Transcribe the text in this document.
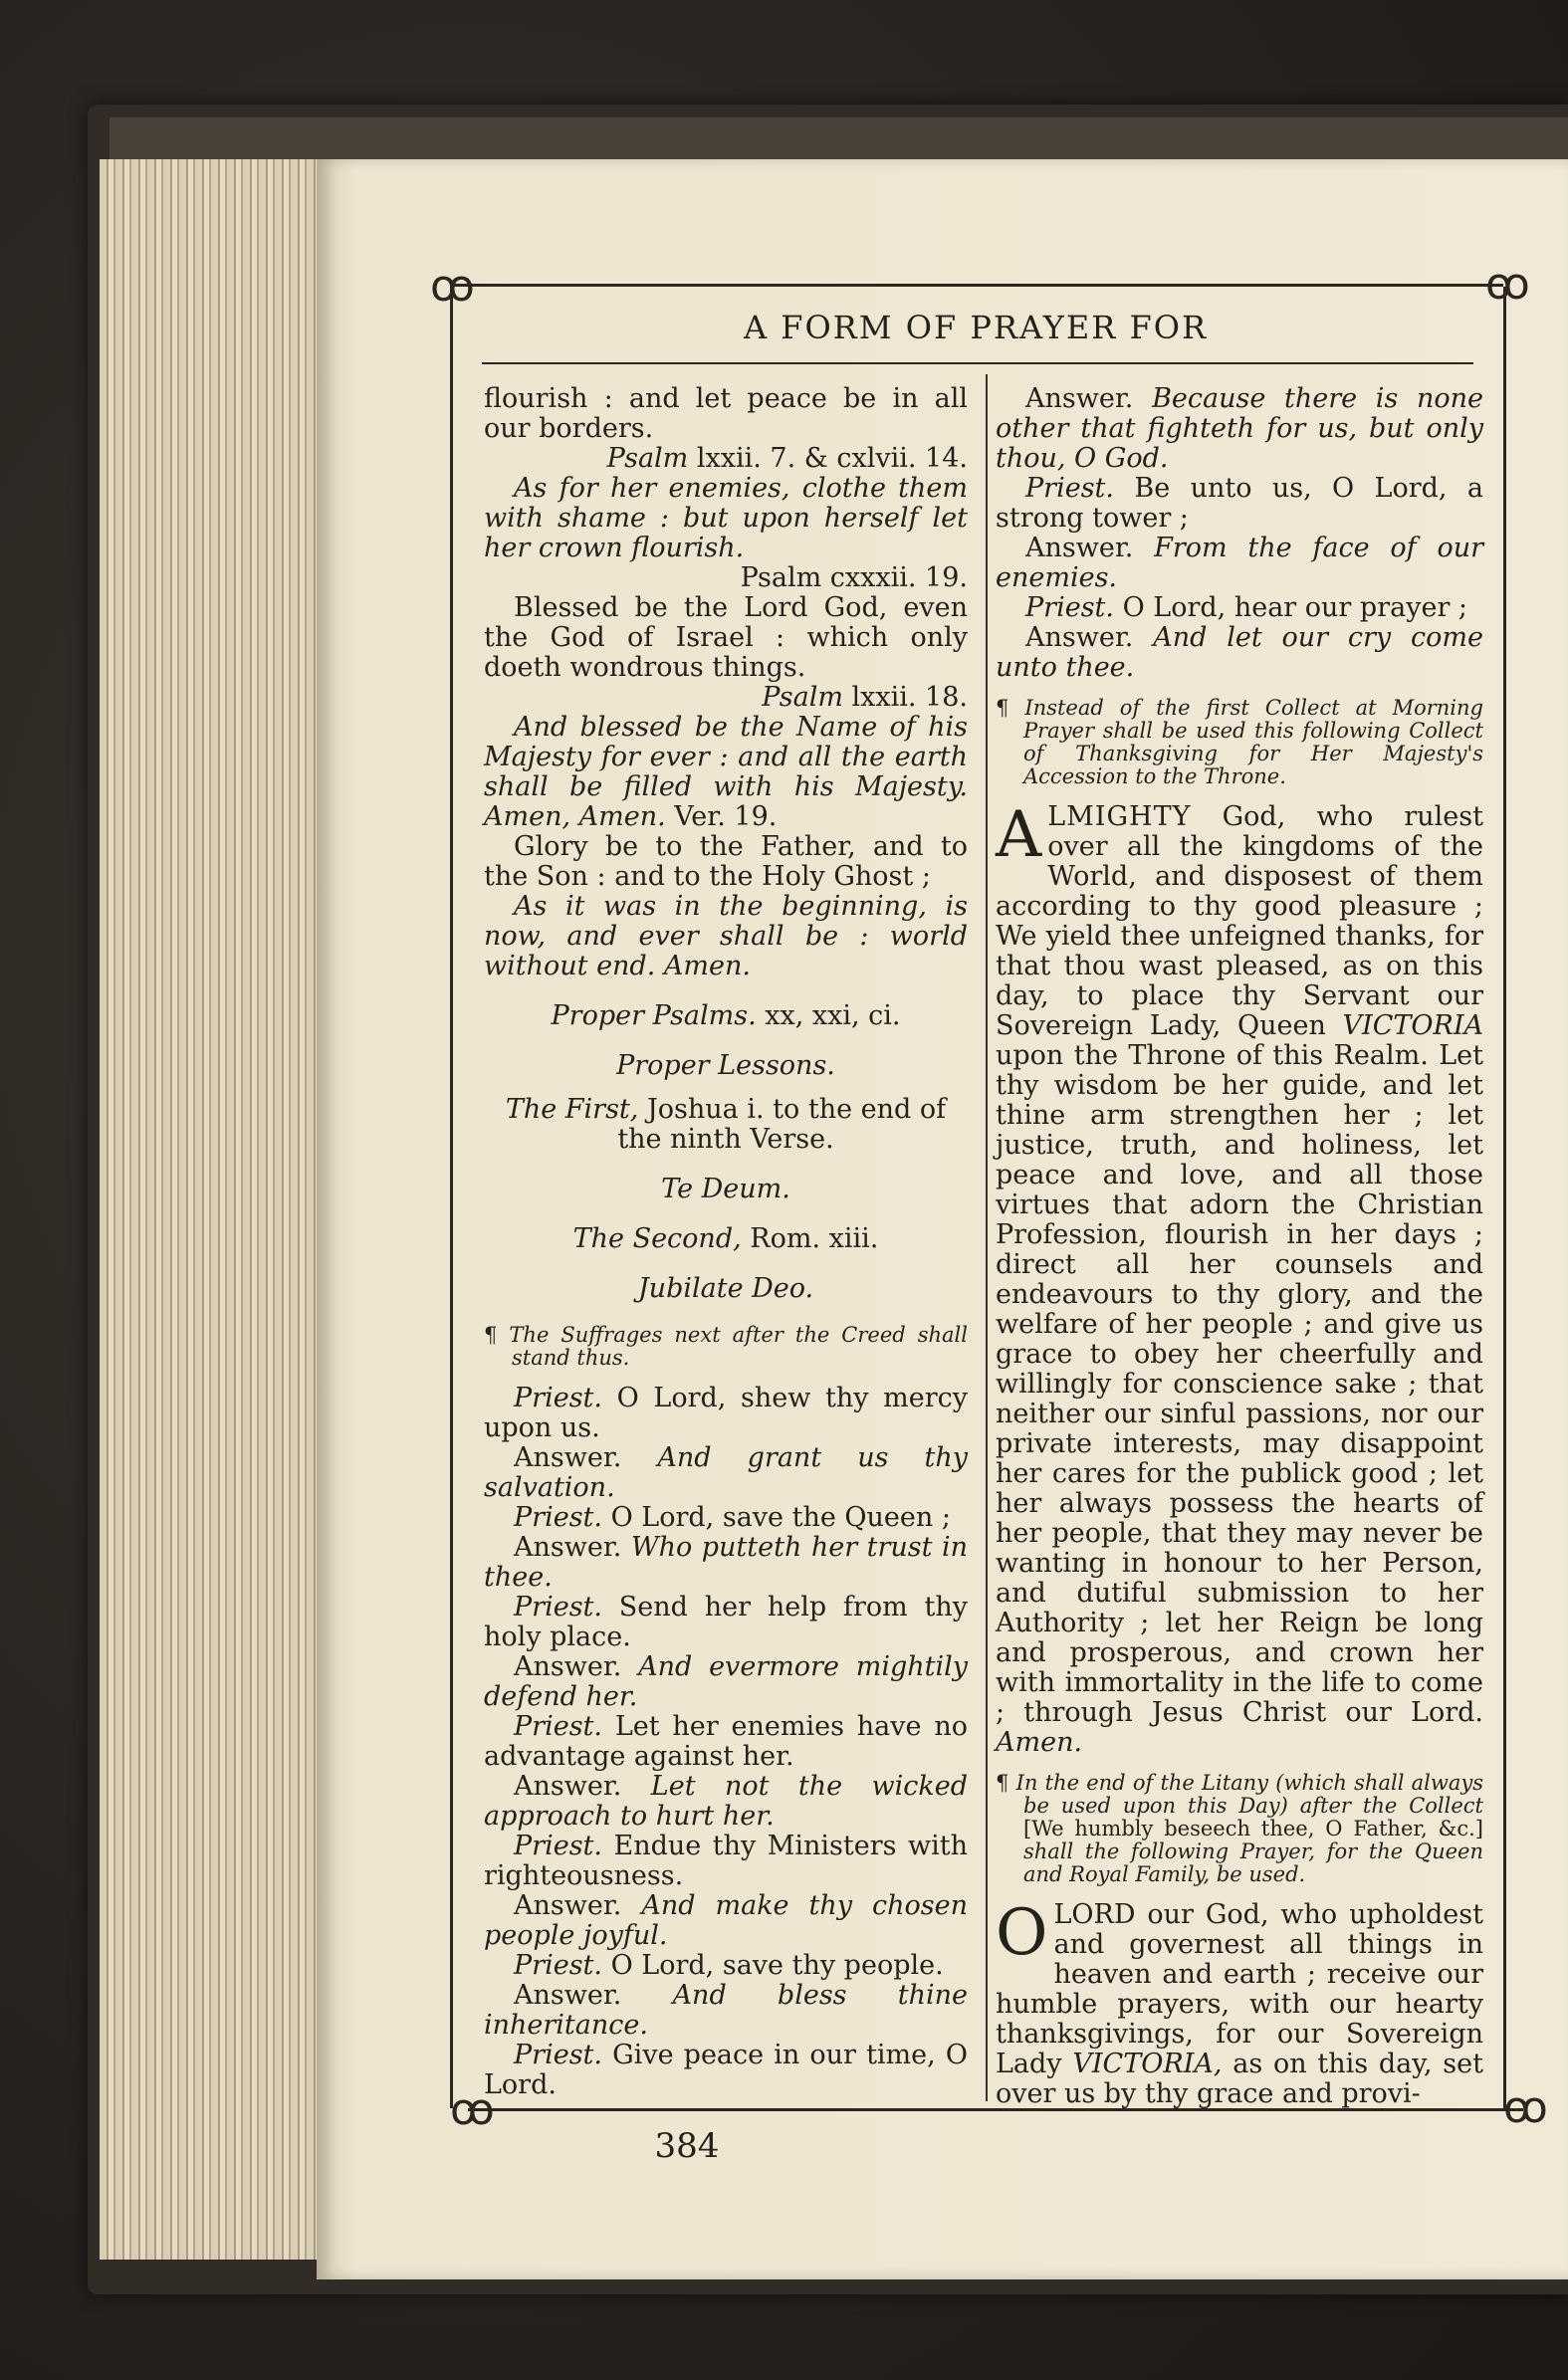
ꝏ	ꝏ
ꝏ	ꝏ
A FORM OF PRAYER FOR

flourish : and let peace be in all our borders.

Psalm lxxii. 7. & cxlvii. 14.

As for her enemies, clothe them with shame : but upon herself let her crown flourish.

Psalm cxxxii. 19.

Blessed be the Lord God, even the God of Israel : which only doeth wondrous things.

Psalm lxxii. 18.

And blessed be the Name of his Majesty for ever : and all the earth shall be filled with his Majesty. Amen, Amen. Ver. 19.

Glory be to the Father, and to the Son : and to the Holy Ghost ;

As it was in the beginning, is now, and ever shall be : world without end. Amen.

Proper Psalms. xx, xxi, ci.

Proper Lessons.

The First, Joshua i. to the end of the ninth Verse.

Te Deum.

The Second, Rom. xiii.

Jubilate Deo.

¶ The Suffrages next after the Creed shall stand thus.

Priest. O Lord, shew thy mercy upon us.

Answer. And grant us thy salvation.

Priest. O Lord, save the Queen ;

Answer. Who putteth her trust in thee.

Priest. Send her help from thy holy place.

Answer. And evermore mightily defend her.

Priest. Let her enemies have no advantage against her.

Answer. Let not the wicked approach to hurt her.

Priest. Endue thy Ministers with righteousness.

Answer. And make thy chosen people joyful.

Priest. O Lord, save thy people.

Answer. And bless thine inheritance.

Priest. Give peace in our time, O Lord.

Answer. Because there is none other that fighteth for us, but only thou, O God.

Priest. Be unto us, O Lord, a strong tower ;

Answer. From the face of our enemies.

Priest. O Lord, hear our prayer ;

Answer. And let our cry come unto thee.

¶ Instead of the first Collect at Morning Prayer shall be used this following Collect of Thanksgiving for Her Majesty's Accession to the Throne.

ALMIGHTY God, who rulest over all the kingdoms of the World, and disposest of them according to thy good pleasure ; We yield thee unfeigned thanks, for that thou wast pleased, as on this day, to place thy Servant our Sovereign Lady, Queen VICTORIA upon the Throne of this Realm. Let thy wisdom be her guide, and let thine arm strengthen her ; let justice, truth, and holiness, let peace and love, and all those virtues that adorn the Christian Profession, flourish in her days ; direct all her counsels and endeavours to thy glory, and the welfare of her people ; and give us grace to obey her cheerfully and willingly for conscience sake ; that neither our sinful passions, nor our private interests, may disappoint her cares for the publick good ; let her always possess the hearts of her people, that they may never be wanting in honour to her Person, and dutiful submission to her Authority ; let her Reign be long and prosperous, and crown her with immortality in the life to come ; through Jesus Christ our Lord. Amen.

¶ In the end of the Litany (which shall always be used upon this Day) after the Collect [We humbly beseech thee, O Father, &c.] shall the following Prayer, for the Queen and Royal Family, be used.

OLORD our God, who upholdest and governest all things in heaven and earth ; receive our humble prayers, with our hearty thanksgivings, for our Sovereign Lady VICTORIA, as on this day, set over us by thy grace and provi-

384
